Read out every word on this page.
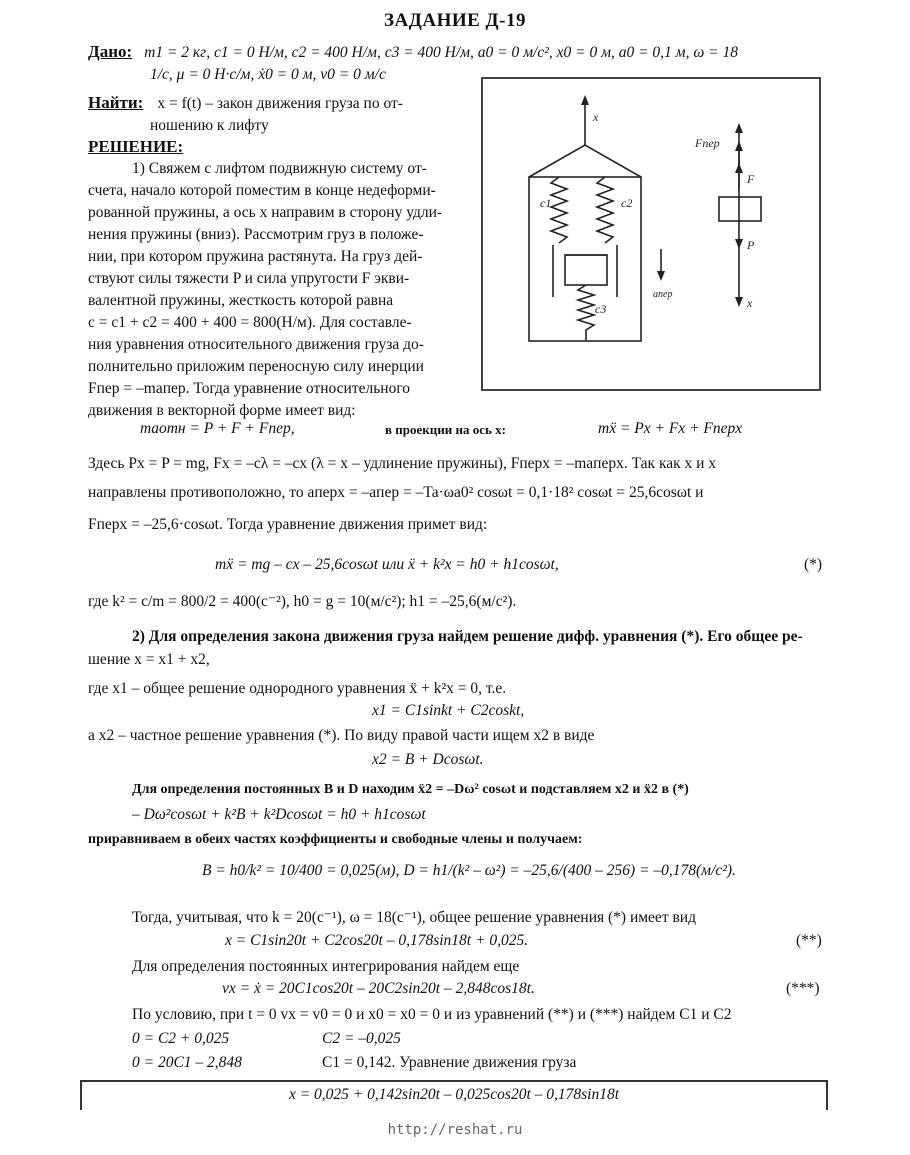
ЗАДАНИЕ Д-19
Дано: m1 = 2 кг, c1 = 0 Н/м, c2 = 400 Н/м, c3 = 400 Н/м, a0 = 0 м/с², x0 = 0 м, a0 = 0,1 м, ω = 18
1/с, μ = 0 Н·с/м, ẋ0 = 0 м, v0 = 0 м/с
Найти: x = f(t) – закон движения груза по от-
ношению к лифту
РЕШЕНИЕ:
1) Свяжем с лифтом подвижную систему от-
счета, начало которой поместим в конце недеформи-
рованной пружины, а ось x направим в сторону удли-
нения пружины (вниз). Рассмотрим груз в положе-
нии, при котором пружина растянута. На груз дей-
ствуют силы тяжести P и сила упругости F экви-
валентной пружины, жесткость которой равна
c = c1 + c2 = 400 + 400 = 800(Н/м). Для составле-
ния уравнения относительного движения груза до-
полнительно приложим переносную силу инерции
Fпер = –maпер. Тогда уравнение относительного
движения в векторной форме имеет вид:
x
c1	c2
c3
aпер
Fпер
F
P
x
maотн = P + F + Fпер,	в проекции на ось x:	mẍ = Px + Fx + Fперx
Здесь Px = P = mg, Fx = –cλ = –cx (λ = x – удлинение пружины), Fперx = –maперx. Так как x и x
направлены противоположно, то aперx = –aпер = –Ta·ωa0² cosωt = 0,1·18² cosωt = 25,6cosωt и
Fперx = –25,6·cosωt. Тогда уравнение движения примет вид:
mẍ = mg – cx – 25,6cosωt или ẍ + k²x = h0 + h1cosωt,	(*)
где k² = c/m = 800/2 = 400(с⁻²), h0 = g = 10(м/с²); h1 = –25,6(м/с²).
2) Для определения закона движения груза найдем решение дифф. уравнения (*). Его общее ре-
шение x = x1 + x2,
где x1 – общее решение однородного уравнения ẍ + k²x = 0, т.е.
x1 = C1sinkt + C2coskt,
а x2 – частное решение уравнения (*). По виду правой части ищем x2 в виде
x2 = B + Dcosωt.
Для определения постоянных B и D находим ẍ2 = –Dω² cosωt и подставляем x2 и ẍ2 в (*)
– Dω²cosωt + k²B + k²Dcosωt = h0 + h1cosωt
приравниваем в обеих частях коэффициенты и свободные члены и получаем:
B = h0/k² = 10/400 = 0,025(м), D = h1/(k² – ω²) = –25,6/(400 – 256) = –0,178(м/с²).
Тогда, учитывая, что k = 20(с⁻¹), ω = 18(с⁻¹), общее решение уравнения (*) имеет вид
x = C1sin20t + C2cos20t – 0,178sin18t + 0,025.	(**)
Для определения постоянных интегрирования найдем еще
vx = ẋ = 20C1cos20t – 20C2sin20t – 2,848cos18t.	(***)
По условию, при t = 0 vx = v0 = 0 и x0 = x0 = 0 и из уравнений (**) и (***) найдем C1 и C2
0 = C2 + 0,025	C2 = –0,025
0 = 20C1 – 2,848	C1 = 0,142. Уравнение движения груза
x = 0,025 + 0,142sin20t – 0,025cos20t – 0,178sin18t
http://reshat.ru
